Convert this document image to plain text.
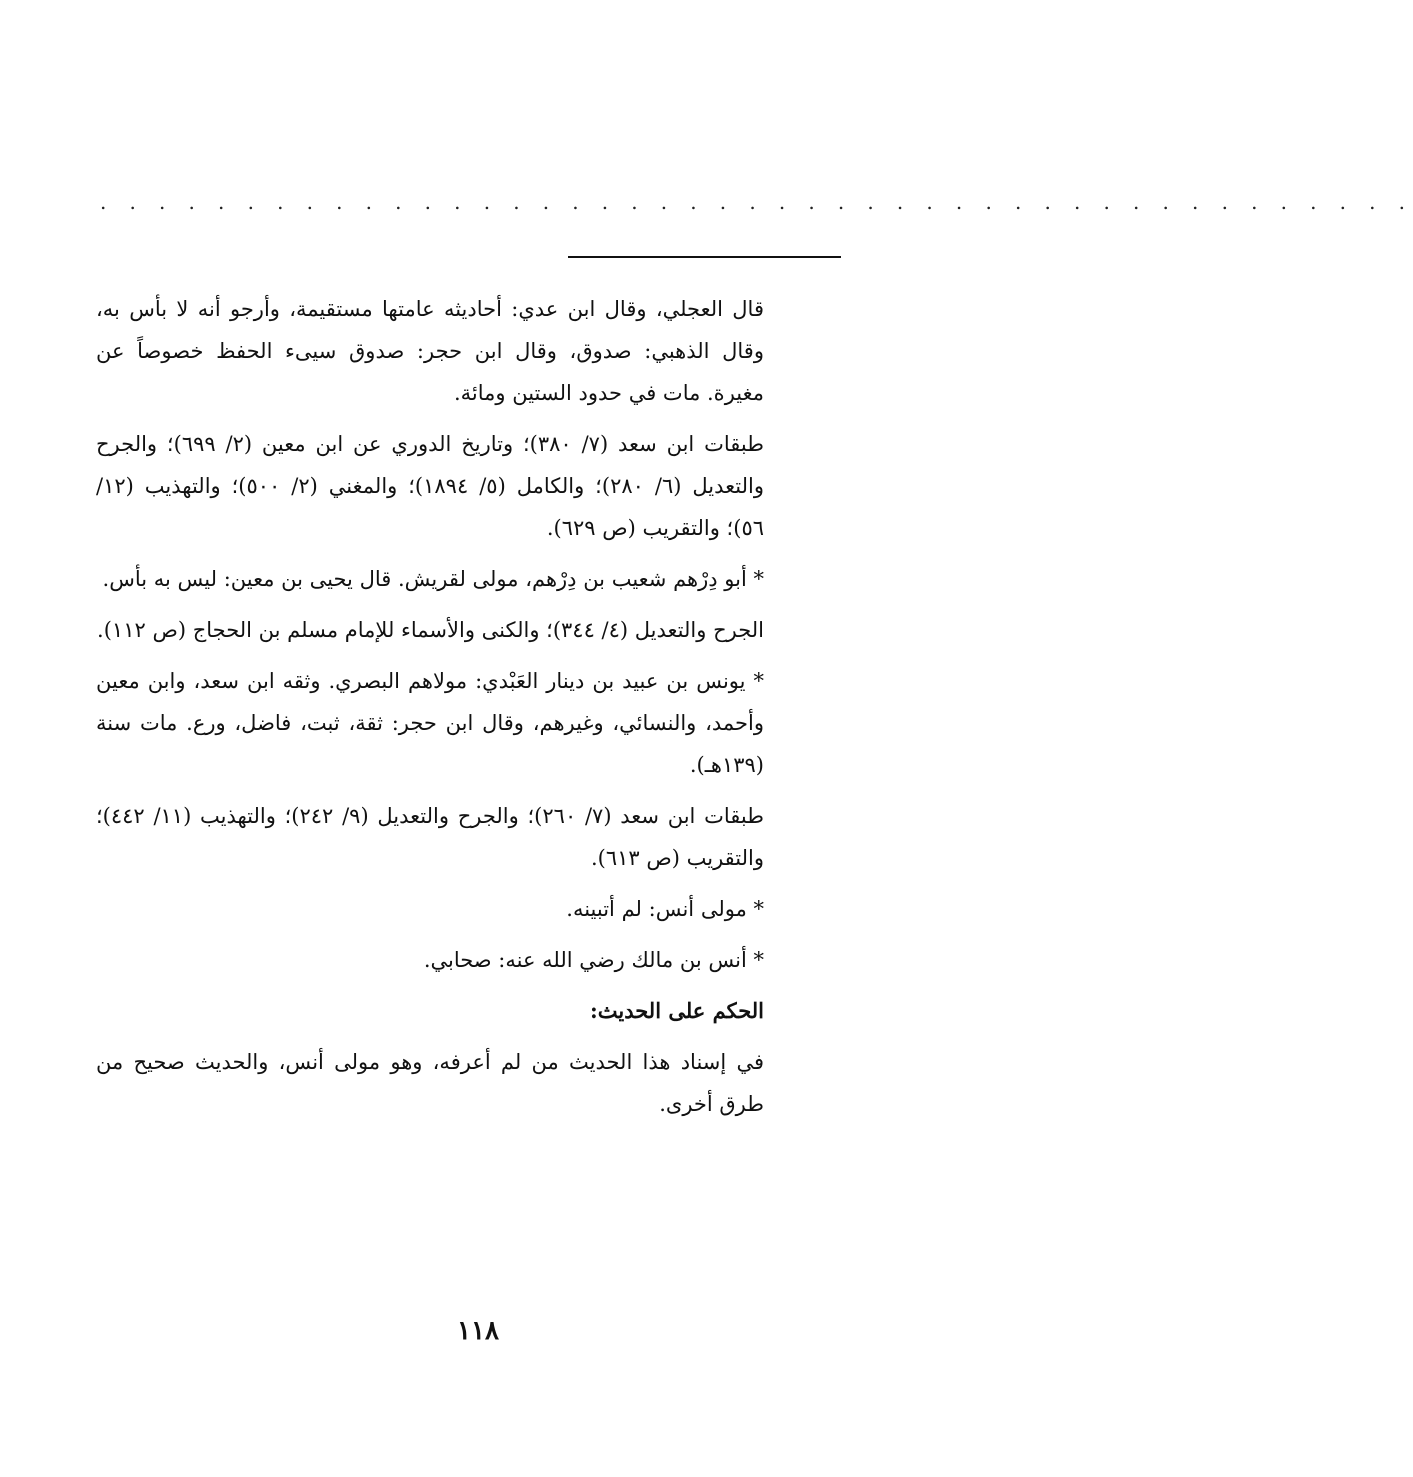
. . . . . . . . . . . . . . . . . . . . . . . . . . . . . . . . . . . . . . . . . . . . .

قال العجلي، وقال ابن عدي: أحاديثه عامتها مستقيمة، وأرجو أنه لا بأس به، وقال الذهبي: صدوق، وقال ابن حجر: صدوق سيىء الحفظ خصوصاً عن مغيرة. مات في حدود الستين ومائة.

طبقات ابن سعد (٧/ ٣٨٠)؛ وتاريخ الدوري عن ابن معين (٢/ ٦٩٩)؛ والجرح والتعديل (٦/ ٢٨٠)؛ والكامل (٥/ ١٨٩٤)؛ والمغني (٢/ ٥٠٠)؛ والتهذيب (١٢/ ٥٦)؛ والتقريب (ص ٦٢٩).

* أبو دِرْهم شعيب بن دِرْهم، مولى لقريش. قال يحيى بن معين: ليس به بأس.

الجرح والتعديل (٤/ ٣٤٤)؛ والكنى والأسماء للإمام مسلم بن الحجاج (ص ١١٢).

* يونس بن عبيد بن دينار العَبْدي: مولاهم البصري. وثقه ابن سعد، وابن معين وأحمد، والنسائي، وغيرهم، وقال ابن حجر: ثقة، ثبت، فاضل، ورع. مات سنة (١٣٩هـ).

طبقات ابن سعد (٧/ ٢٦٠)؛ والجرح والتعديل (٩/ ٢٤٢)؛ والتهذيب (١١/ ٤٤٢)؛ والتقريب (ص ٦١٣).

* مولى أنس: لم أتبينه.

* أنس بن مالك رضي الله عنه: صحابي.

الحكم على الحديث:

في إسناد هذا الحديث من لم أعرفه، وهو مولى أنس، والحديث صحيح من طرق أخرى.

١١٨
